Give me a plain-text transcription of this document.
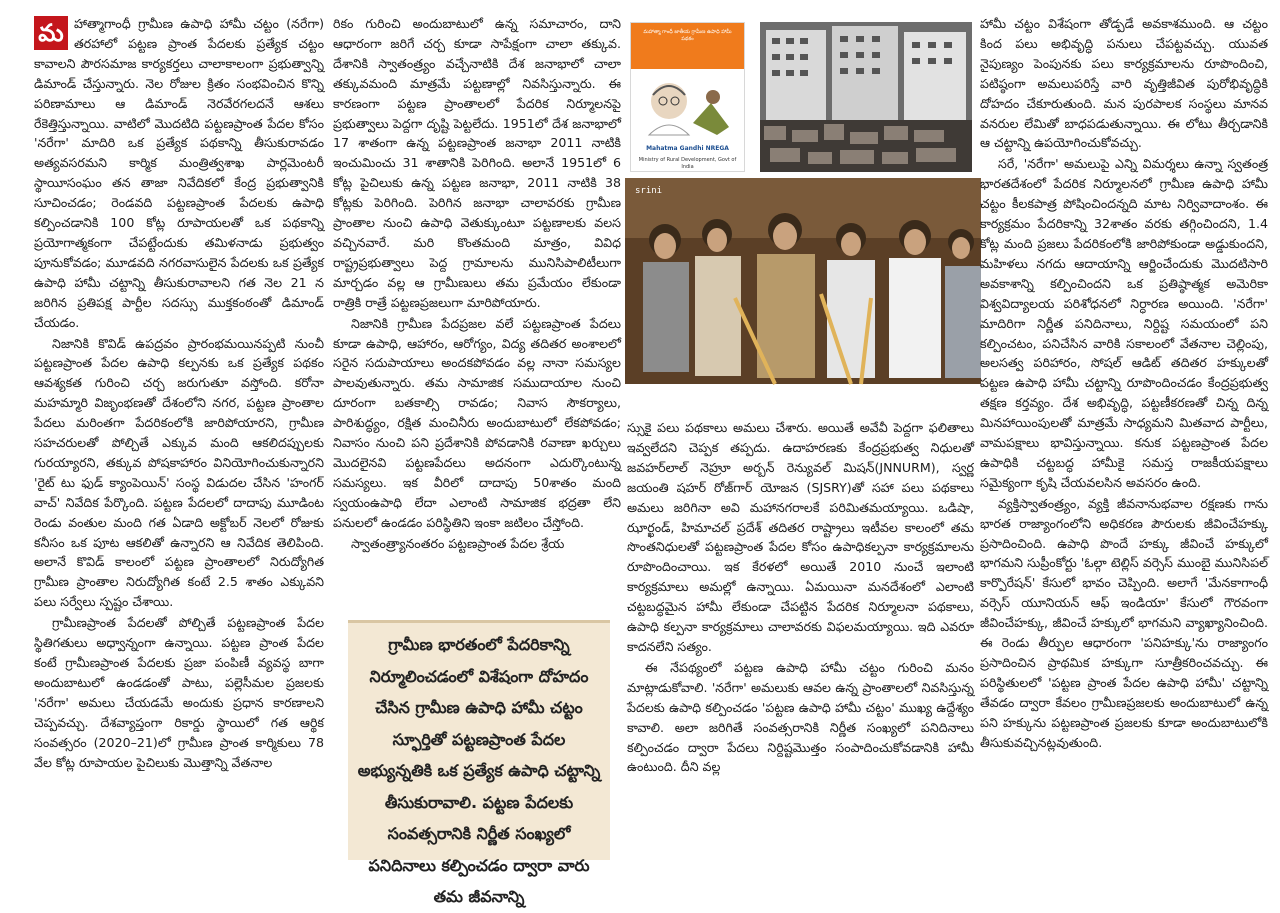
మ హాత్మాగాంధీ గ్రామీణ ఉపాధి హామీ చట్టం (నరేగా) తరహాలో పట్టణ ప్రాంత పేదలకు ప్రత్యేక చట్టం కావాలని పౌరసమాజ కార్యకర్తలు చాలాకాలంగా ప్రభుత్వాన్ని డిమాండ్ చేస్తున్నారు. నెల రోజుల క్రితం సంభవించిన కొన్ని పరిణామాలు ఆ డిమాండ్ నెరవేరగలదనే ఆశలు రేకెత్తిస్తున్నాయి. వాటిలో మొదటిది పట్టణప్రాంత పేదల కోసం 'నరేగా' మాదిరి ఒక ప్రత్యేక పథకాన్ని తీసుకురావడం అత్యవసరమని కార్మిక మంత్రిత్వశాఖ పార్లమెంటరీ స్థాయీసంఘం తన తాజా నివేదికలో కేంద్ర ప్రభుత్వానికి సూచించడం; రెండవది పట్టణప్రాంత పేదలకు ఉపాధి కల్పించడానికి 100 కోట్ల రూపాయలతో ఒక పథకాన్ని ప్రయోగాత్మకంగా చేపట్టేందుకు తమిళనాడు ప్రభుత్వం పూనుకోవడం; మూడవది నగరవాసులైన పేదలకు ఒక ప్రత్యేక ఉపాధి హామీ చట్టాన్ని తీసుకురావాలని గత నెల 21 న జరిగిన ప్రతిపక్ష పార్టీల సదస్సు ముక్తకంఠంతో డిమాండ్ చేయడం.

నిజానికి కొవిడ్ ఉపద్రవం ప్రారంభమయినప్పటి నుంచీ పట్టణప్రాంత పేదల ఉపాధి కల్పనకు ఒక ప్రత్యేక పథకం ఆవశ్యకత గురించి చర్చ జరుగుతూ వస్తోంది. కరోనా మహమ్మారి విజృంభణతో దేశంలోని నగర, పట్టణ ప్రాంతాల పేదలు మరింతగా పేదరికంలోకి జారిపోయారని, గ్రామీణ సహచరులతో పోల్చితే ఎక్కువ మంది ఆకలిదప్పులకు గురయ్యారని, తక్కువ పోషకాహారం వినియోగించుకున్నారని 'రైట్ టు ఫుడ్ క్యాంపెయిన్' సంస్థ విడుదల చేసిన 'హంగర్ వాచ్' నివేదిక పేర్కొంది. పట్టణ పేదలలో దాదాపు మూడింట రెండు వంతుల మంది గత ఏడాది అక్టోబర్ నెలలో రోజుకు కనీసం ఒక పూట ఆకలితో ఉన్నారని ఆ నివేదిక తెలిపింది. అలానే కొవిడ్ కాలంలో పట్టణ ప్రాంతాలలో నిరుద్యోగిత గ్రామీణ ప్రాంతాల నిరుద్యోగిత కంటే 2.5 శాతం ఎక్కువని పలు సర్వేలు స్పష్టం చేశాయి.

గ్రామీణప్రాంత పేదలతో పోల్చితే పట్టణప్రాంత పేదల స్థితిగతులు అధ్వాన్నంగా ఉన్నాయి. పట్టణ ప్రాంత పేదల కంటే గ్రామీణప్రాంత పేదలకు ప్రజా పంపిణీ వ్యవస్థ బాగా అందుబాటులో ఉండడంతో పాటు, పల్లెసీమల ప్రజలకు 'నరేగా' అమలు చేయడమే అందుకు ప్రధాన కారణాలని చెప్పవచ్చు. దేశవ్యాప్తంగా రికార్డు స్థాయిలో గత ఆర్థిక సంవత్సరం (2020–21)లో గ్రామీణ ప్రాంత కార్మికులు 78 వేల కోట్ల రూపాయల పైచిలుకు మొత్తాన్ని వేతనాల

రికం గురించి అందుబాటులో ఉన్న సమాచారం, దాని ఆధారంగా జరిగే చర్చ కూడా సాపేక్షంగా చాలా తక్కువ. దేశానికి స్వాతంత్ర్యం వచ్చేనాటికి దేశ జనాభాలో చాలా తక్కువమంది మాత్రమే పట్టణాల్లో నివసిస్తున్నారు. ఈ కారణంగా పట్టణ ప్రాంతాలలో పేదరిక నిర్మూలనపై ప్రభుత్వాలు పెద్దగా దృష్టి పెట్టలేదు. 1951లో దేశ జనాభాలో 17 శాతంగా ఉన్న పట్టణప్రాంత జనాభా 2011 నాటికి ఇంచుమించు 31 శాతానికి పెరిగింది. అలానే 1951లో 6 కోట్ల పైచిలుకు ఉన్న పట్టణ జనాభా, 2011 నాటికి 38 కోట్లకు పెరిగింది. పెరిగిన జనాభా చాలావరకు గ్రామీణ ప్రాంతాల నుంచి ఉపాధి వెతుక్కుంటూ పట్టణాలకు వలస వచ్చినవారే. మరి కొంతమంది మాత్రం, వివిధ రాష్ట్రప్రభుత్వాలు పెద్ద గ్రామాలను మునిసిపాలిటీలుగా మార్చడం వల్ల ఆ గ్రామీణులు తమ ప్రమేయం లేకుండా రాత్రికి రాత్రే పట్టణప్రజలుగా మారిపోయారు.

నిజానికి గ్రామీణ పేదప్రజల వలే పట్టణప్రాంత పేదలు కూడా ఉపాధి, ఆహారం, ఆరోగ్యం, విద్య తదితర అంశాలలో సరైన సదుపాయాలు అందకపోవడం వల్ల నానా సమస్యల పాలవుతున్నారు. తమ సామాజిక సముదాయాల నుంచి దూరంగా బతకాల్సి రావడం; నివాస సౌకర్యాలు, పారిశుద్ధ్యం, రక్షిత మంచినీరు అందుబాటులో లేకపోవడం; నివాసం నుంచి పని ప్రదేశానికి పోవడానికి రవాణా ఖర్చులు మొదలైనవి పట్టణపేదలు అదనంగా ఎదుర్కొంటున్న సమస్యలు. ఇక వీరిలో దాదాపు 50శాతం మంది స్వయంఉపాధి లేదా ఎలాంటి సామాజిక భద్రతా లేని పనులలో ఉండడం పరిస్థితిని ఇంకా జటిలం చేస్తోంది.

స్వాతంత్ర్యానంతరం పట్టణప్రాంత పేదల శ్రేయ

గ్రామీణ భారతంలో పేదరికాన్ని నిర్మూలించడంలో విశేషంగా దోహదం చేసిన గ్రామీణ ఉపాధి హామీ చట్టం స్ఫూర్తితో పట్టణప్రాంత పేదల అభ్యున్నతికి ఒక ప్రత్యేక ఉపాధి చట్టాన్ని తీసుకురావాలి. పట్టణ పేదలకు సంవత్సరానికి నిర్ణీత సంఖ్యలో పనిదినాలు కల్పించడం ద్వారా వారు తమ జీవనాన్ని
మహాత్మా గాంధీ జాతీయ గ్రామీణ ఉపాధి హామీ పథకం
Mahatma Gandhi NREGA
Ministry of Rural Development, Govt of India
srini

స్సుకై పలు పథకాలు అమలు చేశారు. అయితే అవేవీ పెద్దగా ఫలితాలు ఇవ్వలేదని చెప్పక తప్పదు. ఉదాహరణకు కేంద్రప్రభుత్వ నిధులతో జవహర్‌లాల్ నెహ్రూ అర్బన్ రెన్యువల్ మిషన్(JNNURM), స్వర్ణ జయంతి షహర్ రోజ్‌గార్ యోజన (SJSRY)తో సహా పలు పథకాలు అమలు జరిగినా అవి మహానగరాలకే పరిమితమయ్యాయి. ఒడిషా, ఝార్ఖండ్, హిమాచల్ ప్రదేశ్ తదితర రాష్ట్రాలు ఇటీవల కాలంలో తమ సొంతనిధులతో పట్టణప్రాంత పేదల కోసం ఉపాధికల్పనా కార్యక్రమాలను రూపొందించాయి. ఇక కేరళలో అయితే 2010 నుంచే ఇలాంటి కార్యక్రమాలు అమల్లో ఉన్నాయి. ఏమయినా మనదేశంలో ఎలాంటి చట్టబద్ధమైన హామీ లేకుండా చేపట్టిన పేదరిక నిర్మూలనా పథకాలు, ఉపాధి కల్పనా కార్యక్రమాలు చాలావరకు విఫలమయ్యాయి. ఇది ఎవరూ కాదనలేని సత్యం.

ఈ నేపథ్యంలో పట్టణ ఉపాధి హామీ చట్టం గురించి మనం మాట్లాడుకోవాలి. 'నరేగా' అమలుకు ఆవల ఉన్న ప్రాంతాలలో నివసిస్తున్న పేదలకు ఉపాధి కల్పించడం 'పట్టణ ఉపాధి హామీ చట్టం' ముఖ్య ఉద్దేశ్యం కావాలి. అలా జరిగితే సంవత్సరానికి నిర్ణీత సంఖ్యలో పనిదినాలు కల్పించడం ద్వారా పేదలు నిర్దిష్టమొత్తం సంపాదించుకోవడానికి హామీ ఉంటుంది. దీని వల్ల

హామీ చట్టం విశేషంగా తోడ్పడే అవకాశముంది. ఆ చట్టం కింద పలు అభివృద్ధి పనులు చేపట్టవచ్చు. యువత నైపుణ్యం పెంపునకు పలు కార్యక్రమాలను రూపొందించి, పటిష్ఠంగా అమలుపరిస్తే వారి వృత్తిజీవిత పురోభివృద్ధికి దోహదం చేకూరుతుంది. మన పురపాలక సంస్థలు మానవ వనరుల లేమితో బాధపడుతున్నాయి. ఈ లోటు తీర్చడానికి ఆ చట్టాన్ని ఉపయోగించుకోవచ్చు.

సరే, 'నరేగా' అమలుపై ఎన్ని విమర్శలు ఉన్నా స్వతంత్ర భారతదేశంలో పేదరిక నిర్మూలనలో గ్రామీణ ఉపాధి హామీ చట్టం కీలకపాత్ర పోషించిందన్నది మాట నిర్వివాదాంశం. ఈ కార్యక్రమం పేదరికాన్ని 32శాతం వరకు తగ్గించిందని, 1.4 కోట్ల మంది ప్రజలు పేదరికంలోకి జారిపోకుండా అడ్డుకుందని, మహిళలు నగదు ఆదాయాన్ని ఆర్జించేందుకు మొదటిసారి అవకాశాన్ని కల్పించిందని ఒక ప్రతిష్ఠాత్మక అమెరికా విశ్వవిద్యాలయ పరిశోధనలో నిర్ధారణ అయింది. 'నరేగా' మాదిరిగా నిర్ణీత పనిదినాలు, నిర్దిష్ట సమయంలో పని కల్పించటం, పనిచేసిన వారికి సకాలంలో వేతనాల చెల్లింపు, అలసత్వ పరిహారం, సోషల్ ఆడిట్ తదితర హక్కులతో పట్టణ ఉపాధి హామీ చట్టాన్ని రూపొందించడం కేంద్రప్రభుత్వ తక్షణ కర్తవ్యం. దేశ అభివృద్ధి, పట్టణీకరణతో చిన్న దిన్న మినహాయింపులతో మాత్రమే సాధ్యమని మితవాద పార్టీలు, వామపక్షాలు భావిస్తున్నాయి. కనుక పట్టణప్రాంత పేదల ఉపాధికి చట్టబద్ధ హామీకై సమస్త రాజకీయపక్షాలు సమైక్యంగా కృషి చేయవలసిన అవసరం ఉంది.

వ్యక్తిస్వాతంత్ర్యం, వ్యక్తి జీవనానుభవాల రక్షణకు గాను భారత రాజ్యాంగంలోని అధికరణ పౌరులకు జీవించేహక్కు ప్రసాదించింది. ఉపాధి పొందే హక్కు జీవించే హక్కులో భాగమని సుప్రీంకోర్టు 'ఓల్గా టెల్లిస్ వర్సెస్ ముంబై మునిసిపల్ కార్పొరేషన్' కేసులో భావం చెప్పింది. అలాగే 'మేనకాగాంధీ వర్సెస్ యూనియన్ ఆఫ్ ఇండియా' కేసులో గౌరవంగా జీవించేహక్కు, జీవించే హక్కులో భాగమని వ్యాఖ్యానించింది. ఈ రెండు తీర్పుల ఆధారంగా 'పనిహక్కు'ను రాజ్యాంగం ప్రసాదించిన ప్రాథమిక హక్కుగా సూత్రీకరించవచ్చు. ఈ పరిస్థితులలో 'పట్టణ ప్రాంత పేదల ఉపాధి హామీ' చట్టాన్ని తేవడం ద్వారా కేవలం గ్రామీణప్రజలకు అందుబాటులో ఉన్న పని హక్కును పట్టణప్రాంత ప్రజలకు కూడా అందుబాటులోకి తీసుకువచ్చినట్లవుతుంది.
